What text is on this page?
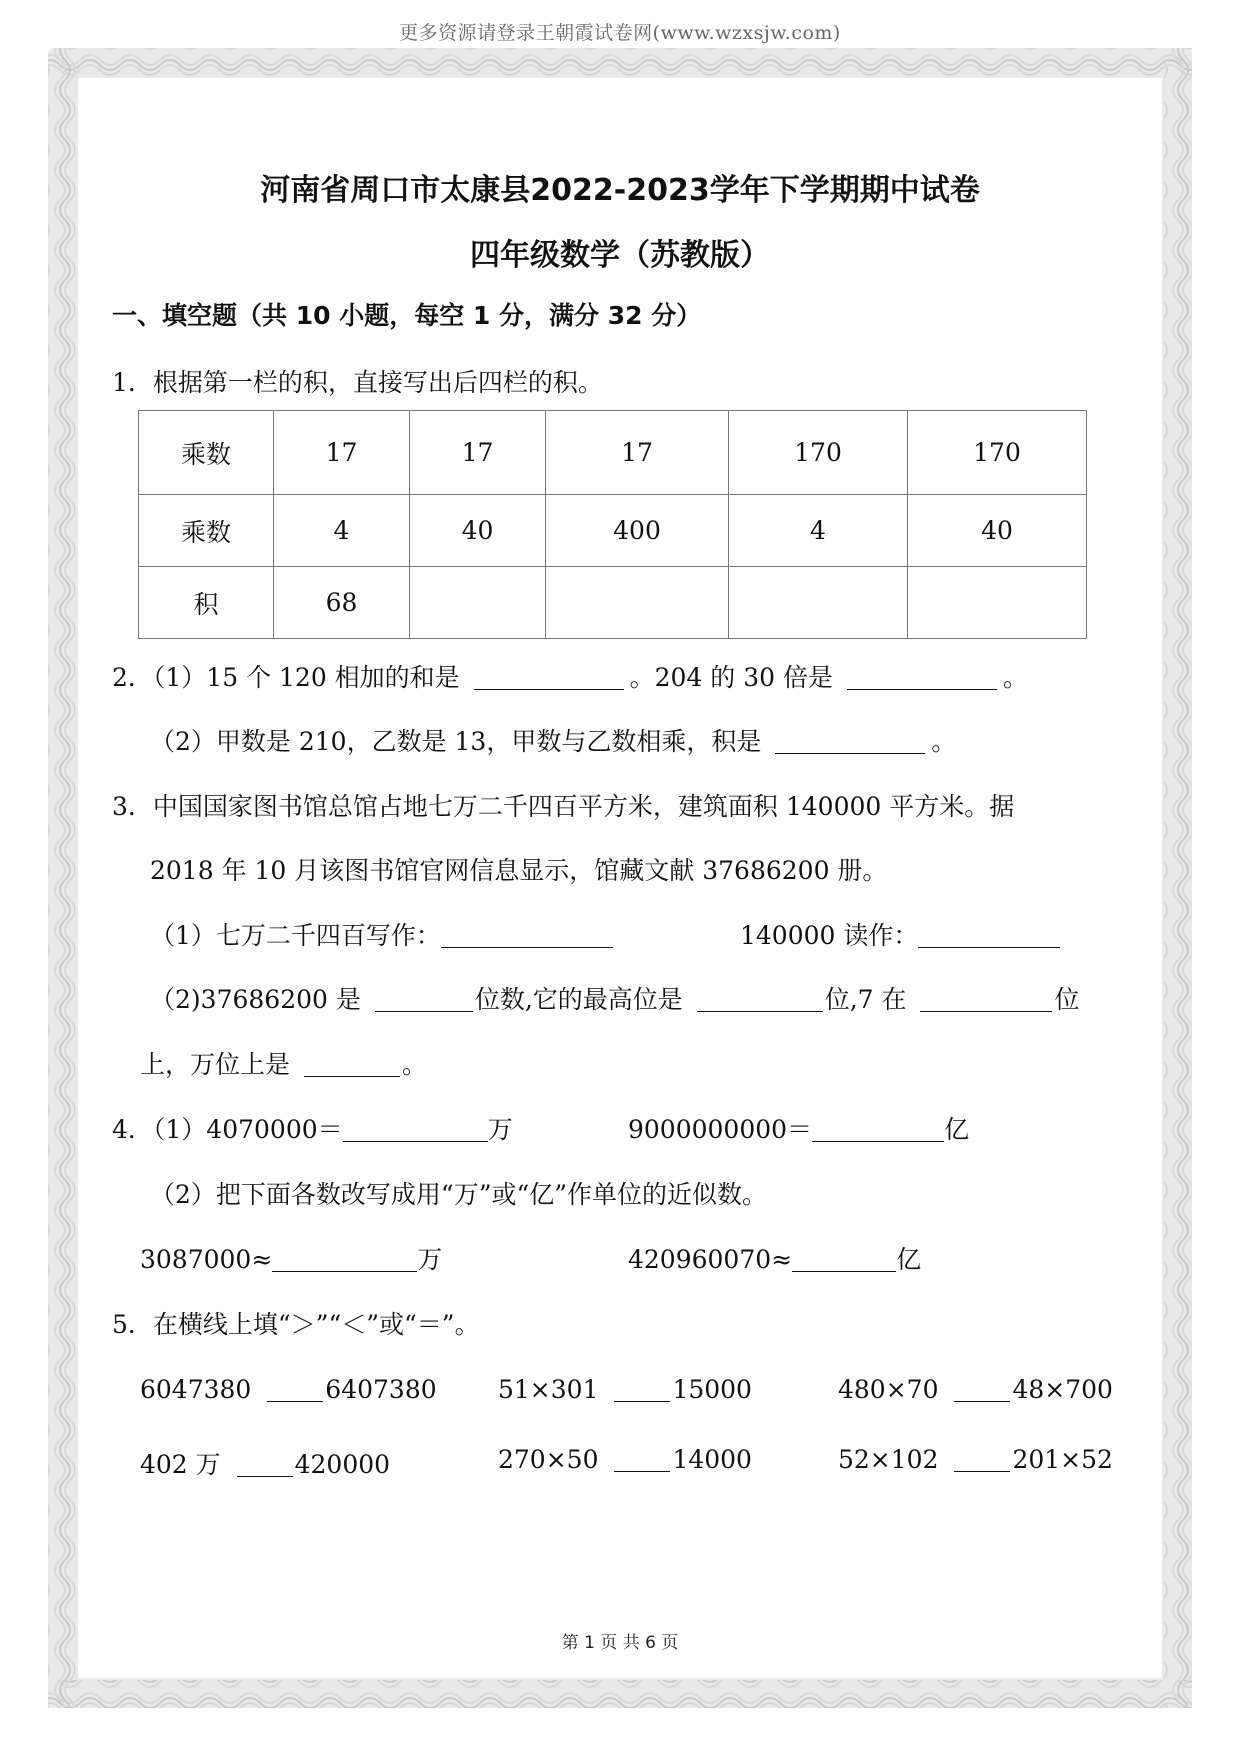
更多资源请登录王朝霞试卷网(www.wzxsjw.com)
河南省周口市太康县2022-2023学年下学期期中试卷
四年级数学（苏教版）
一、填空题（共 10 小题，每空 1 分，满分 32 分）
1．根据第一栏的积，直接写出后四栏的积。
乘数	17	17	17	170	170
乘数	4	40	400	4	40
积	68				
2．（1）15 个 120 相加的和是	。204 的 30 倍是	。
（2）甲数是 210，乙数是 13，甲数与乙数相乘，积是	。
3．中国国家图书馆总馆占地七万二千四百平方米，建筑面积 140000 平方米。据
2018 年 10 月该图书馆官网信息显示，馆藏文献 37686200 册。
（1）七万二千四百写作：	140000 读作：
（2)37686200 是	位数,它的最高位是	位,7 在	位
上，万位上是	。
4．（1）4070000＝	万	9000000000＝	亿
（2）把下面各数改写成用“万”或“亿”作单位的近似数。
3087000≈	万	420960070≈	亿
5．在横线上填“＞”“＜”或“＝”。
6047380	6407380 51×301	15000	480×70	48×700
402 万	420000	270×50	14000	52×102	201×52
第 1 页 共 6 页
